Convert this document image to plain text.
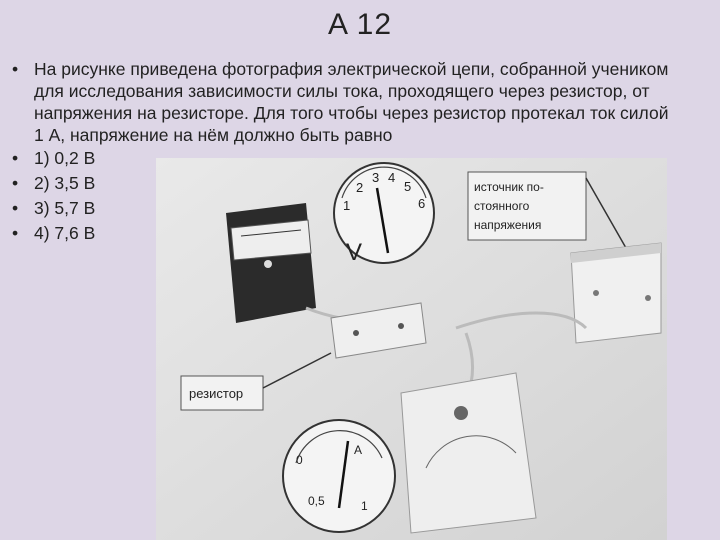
A 12
• На рисунке приведена фотография электрической цепи, собранной учеником для исследования зависимости силы тока, проходящего через резистор, от напряжения на резисторе. Для того чтобы через резистор протекал ток силой 1 А, напряжение на нём должно быть равно
• 1) 0,2 В
• 2) 3,5 В
• 3) 5,7 В
• 4) 7,6 В
1
2
3 4
5
6
V
источник по-
стоянного
напряжения
резистор
0
0,5	1
A
